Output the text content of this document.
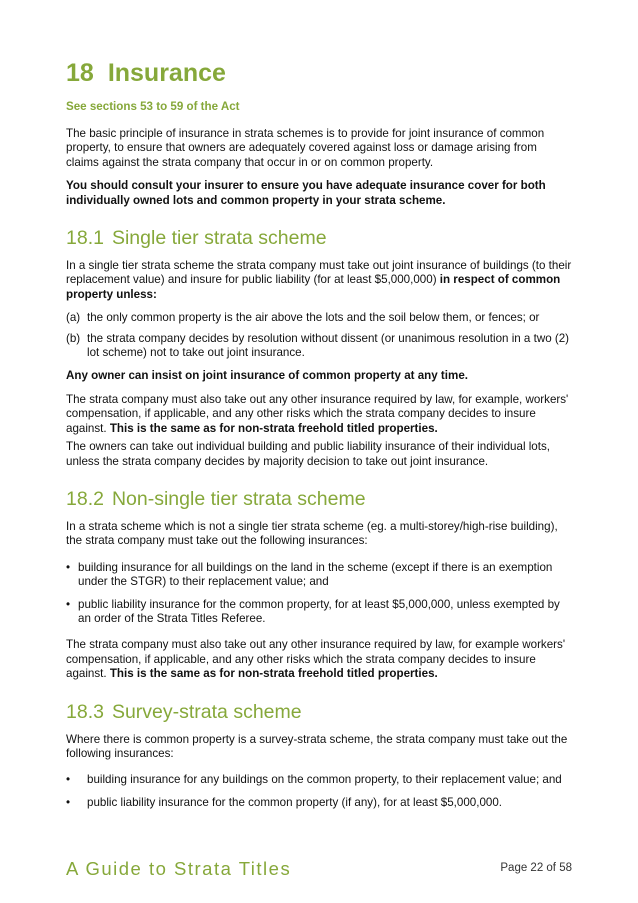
18 Insurance
See sections 53 to 59 of the Act

The basic principle of insurance in strata schemes is to provide for joint insurance of common property, to ensure that owners are adequately covered against loss or damage arising from claims against the strata company that occur in or on common property.

You should consult your insurer to ensure you have adequate insurance cover for both individually owned lots and common property in your strata scheme.

18.1 Single tier strata scheme

In a single tier strata scheme the strata company must take out joint insurance of buildings (to their replacement value) and insure for public liability (for at least $5,000,000) in respect of common property unless:

(a) the only common property is the air above the lots and the soil below them, or fences; or
(b) the strata company decides by resolution without dissent (or unanimous resolution in a two (2) lot scheme) not to take out joint insurance.

Any owner can insist on joint insurance of common property at any time.

The strata company must also take out any other insurance required by law, for example, workers' compensation, if applicable, and any other risks which the strata company decides to insure against. This is the same as for non-strata freehold titled properties.

The owners can take out individual building and public liability insurance of their individual lots, unless the strata company decides by majority decision to take out joint insurance.

18.2 Non-single tier strata scheme

In a strata scheme which is not a single tier strata scheme (eg. a multi-storey/high-rise building), the strata company must take out the following insurances:

• building insurance for all buildings on the land in the scheme (except if there is an exemption under the STGR) to their replacement value; and
• public liability insurance for the common property, for at least $5,000,000, unless exempted by an order of the Strata Titles Referee.

The strata company must also take out any other insurance required by law, for example workers' compensation, if applicable, and any other risks which the strata company decides to insure against. This is the same as for non-strata freehold titled properties.

18.3 Survey-strata scheme

Where there is common property is a survey-strata scheme, the strata company must take out the following insurances:

• building insurance for any buildings on the common property, to their replacement value; and
• public liability insurance for the common property (if any), for at least $5,000,000.
A Guide to Strata Titles	Page 22 of 58
